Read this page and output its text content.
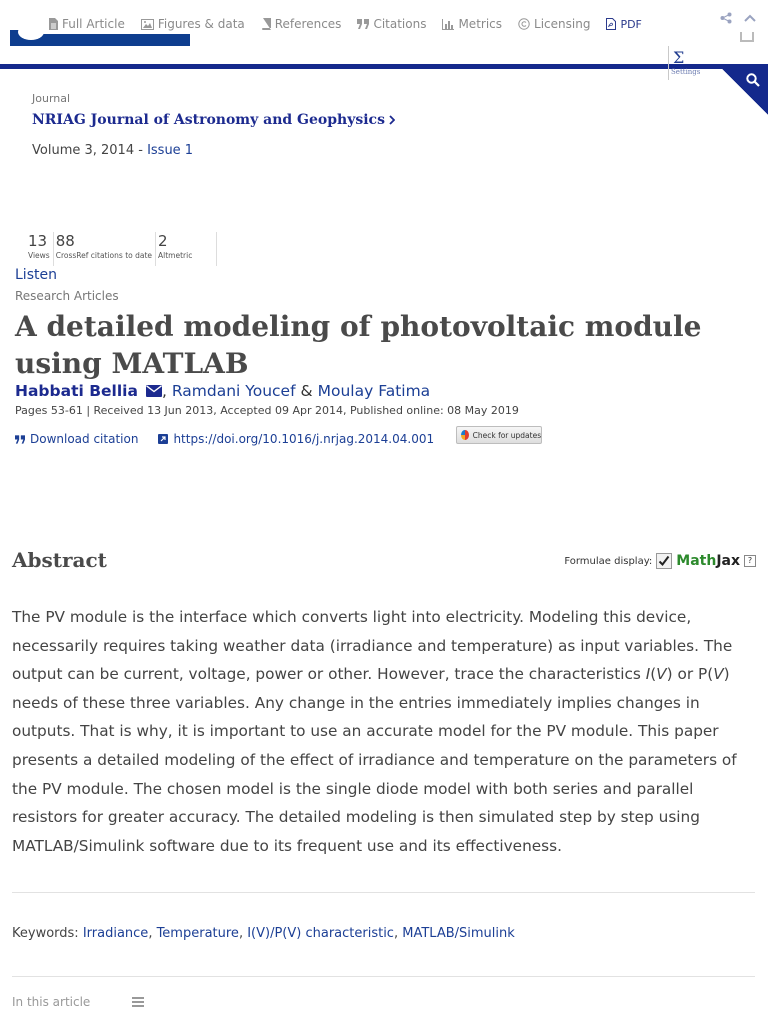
Full Article	Figures & data	References	Citations	Metrics	Licensing	PDF
Σ
Settings
Journal
NRIAG Journal of Astronomy and Geophysics
Volume 3, 2014 - Issue 1
13
Views
88
CrossRef citations to date
2
Altmetric
Listen
Research Articles
A detailed modeling of photovoltaic module using MATLAB
Habbati Bellia , Ramdani Youcef & Moulay Fatima
Pages 53-61 | Received 13 Jun 2013, Accepted 09 Apr 2014, Published online: 08 May 2019
Download citation	https://doi.org/10.1016/j.nrjag.2014.04.001	Check for updates
Abstract	Formulae display: MathJax ?

The PV module is the interface which converts light into electricity. Modeling this device, necessarily requires taking weather data (irradiance and temperature) as input variables. The output can be current, voltage, power or other. However, trace the characteristics I(V) or P(V) needs of these three variables. Any change in the entries immediately implies changes in outputs. That is why, it is important to use an accurate model for the PV module. This paper presents a detailed modeling of the effect of irradiance and temperature on the parameters of the PV module. The chosen model is the single diode model with both series and parallel resistors for greater accuracy. The detailed modeling is then simulated step by step using MATLAB/Simulink software due to its frequent use and its effectiveness.

Keywords: Irradiance, Temperature, I(V)/P(V) characteristic, MATLAB/Simulink
In this article
